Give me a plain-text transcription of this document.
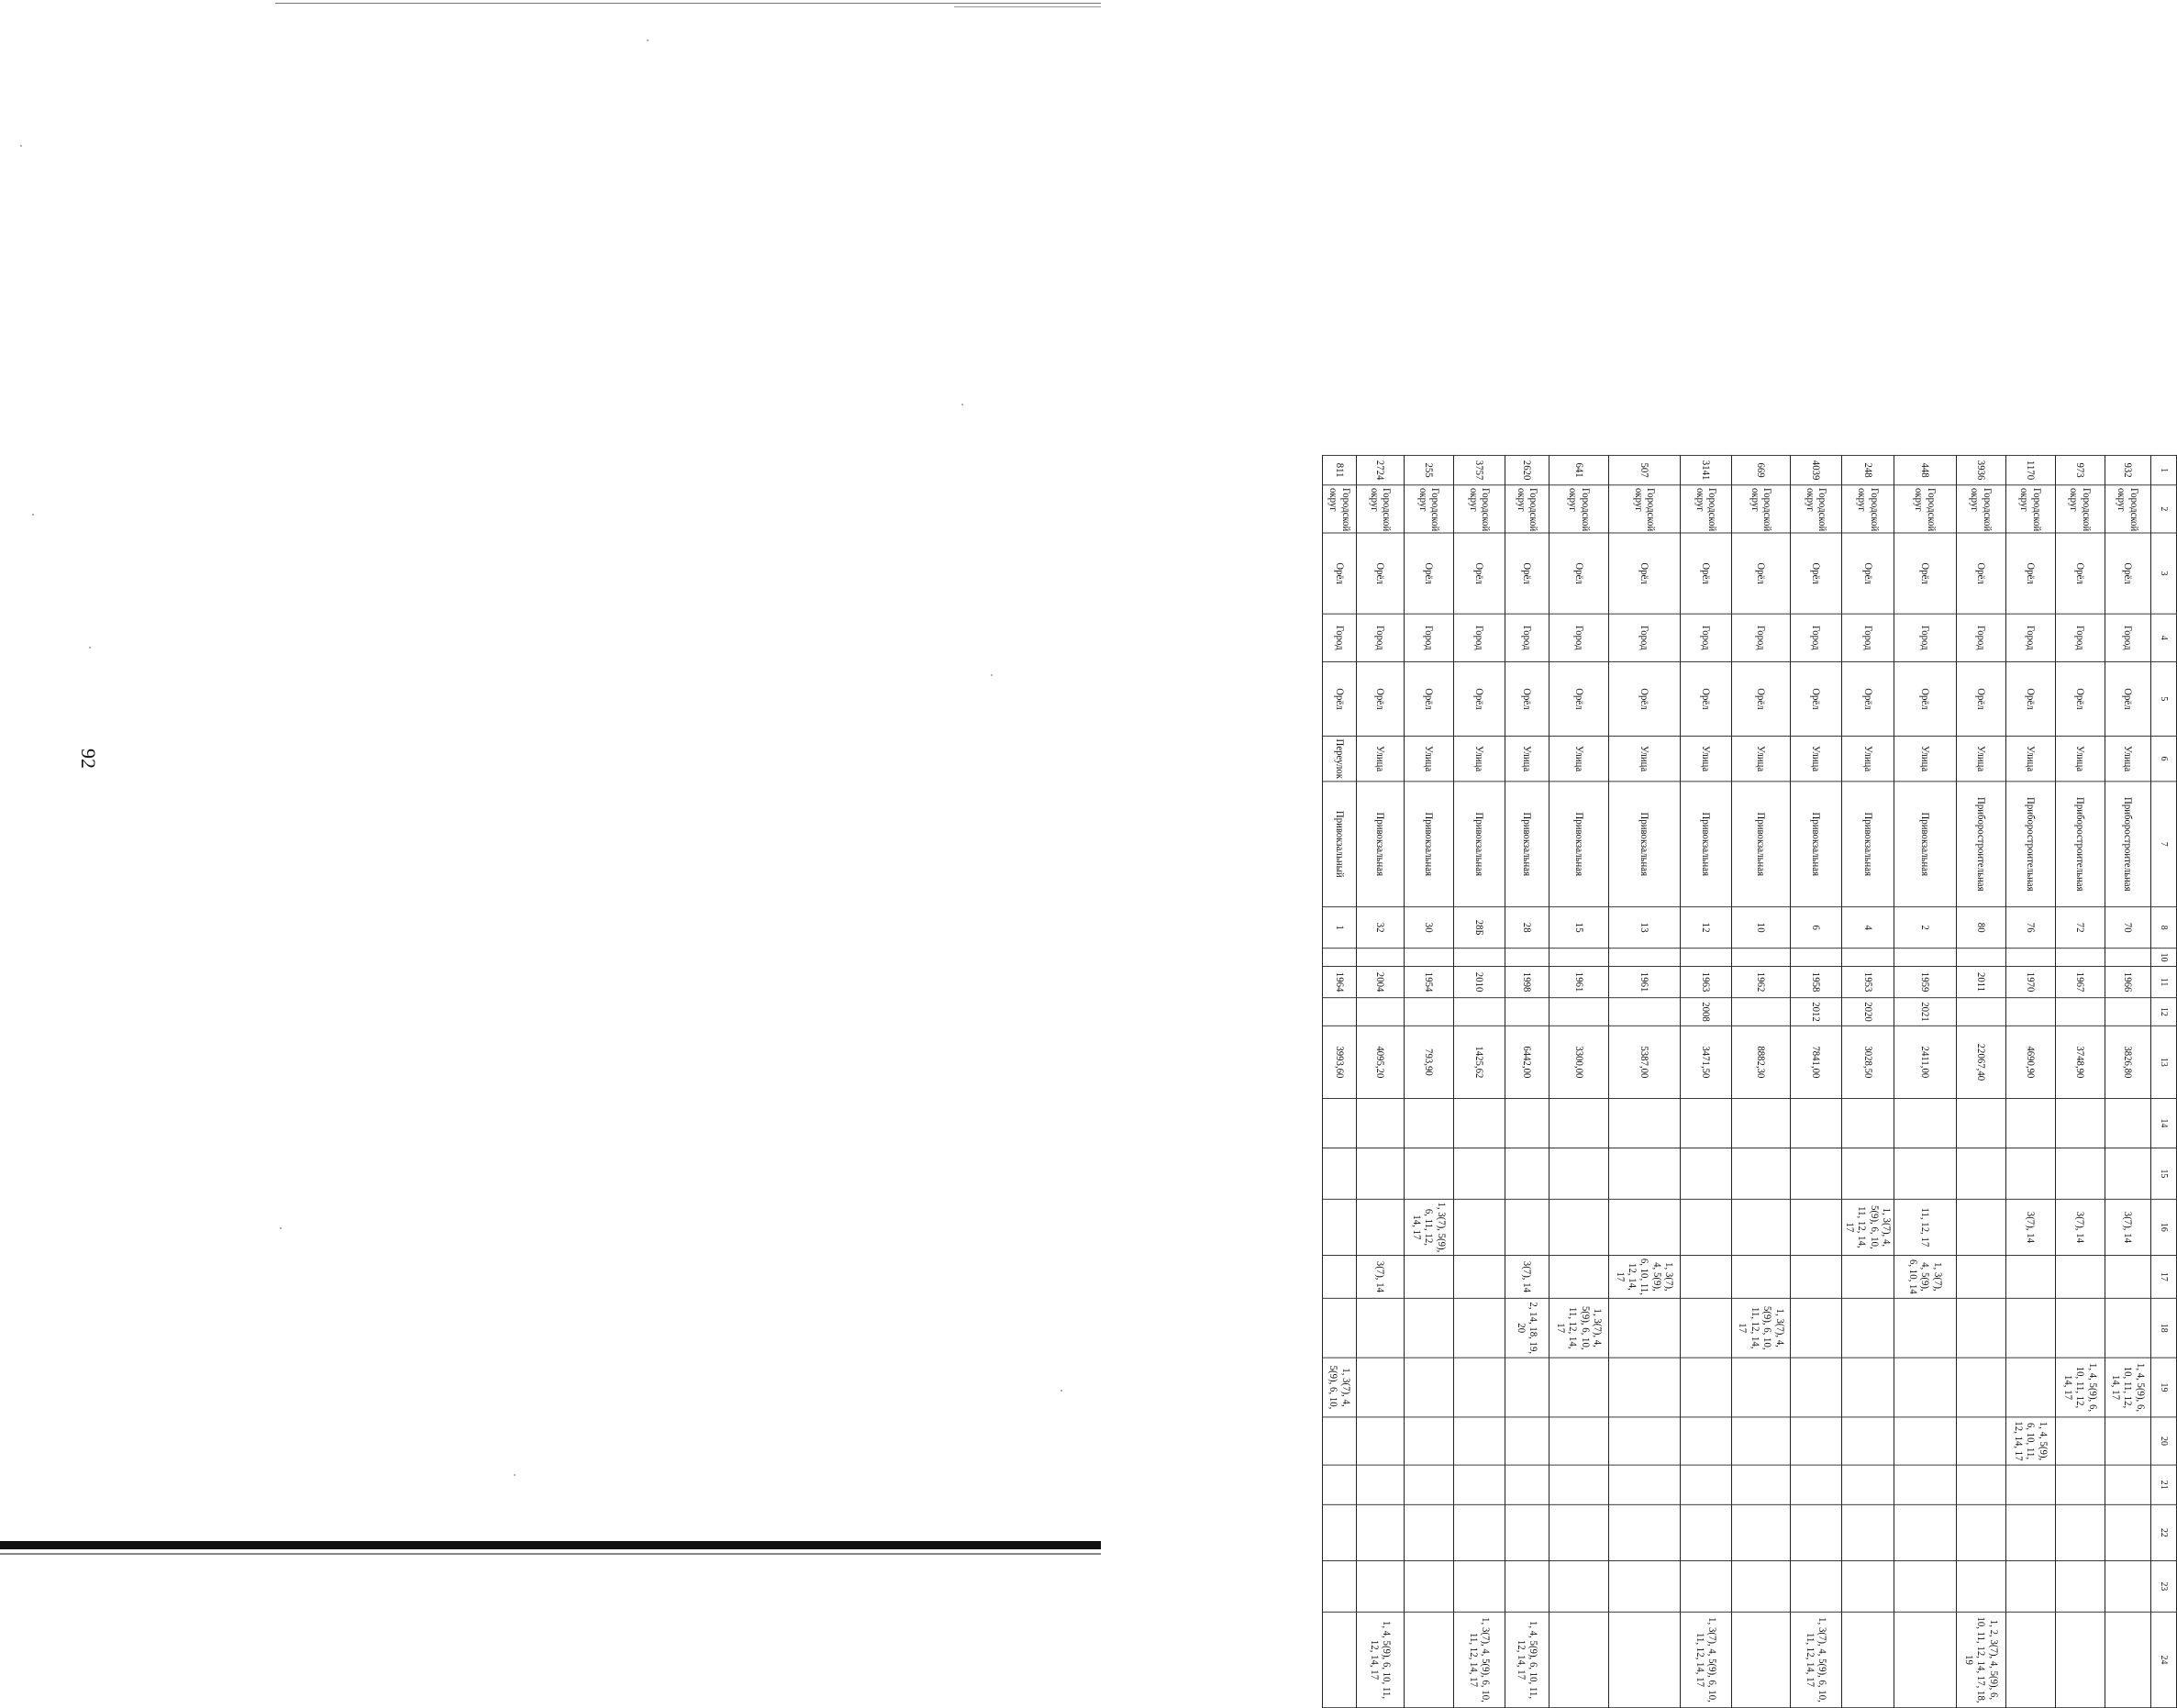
92
1	2	3	4	5	6	7	8	10	11	12	13	14	15	16	17	18	19	20	21	22	23	24
932	Городской округ	Орёл	Город	Орёл	Улица	Приборостроительная	70		1966		3826,80			3(7), 14			1, 4, 5(9), 6, 10, 11, 12, 14, 17					
973	Городской округ	Орёл	Город	Орёл	Улица	Приборостроительная	72		1967		3748,90			3(7), 14			1, 4, 5(9), 6, 10, 11, 12, 14, 17					
1170	Городской округ	Орёл	Город	Орёл	Улица	Приборостроительная	76		1970		4690,90			3(7), 14				1, 4, 5(9), 6, 10, 11, 12, 14, 17				
3936	Городской округ	Орёл	Город	Орёл	Улица	Приборостроительная	80		2011		22067,40											1, 2, 3(7), 4, 5(9), 6, 10, 11, 12, 14, 17, 18, 19
448	Городской округ	Орёл	Город	Орёл	Улица	Привокзальная	2		1959	2021	2411,00			11, 12, 17	1, 3(7), 4, 5(9), 6, 10, 14							
248	Городской округ	Орёл	Город	Орёл	Улица	Привокзальная	4		1953	2020	3028,50			1, 3(7), 4, 5(9), 6, 10, 11, 12, 14, 17								
4039	Городской округ	Орёл	Город	Орёл	Улица	Привокзальная	6		1958	2012	7841,00											1, 3(7), 4, 5(9), 6, 10, 11, 12, 14, 17
669	Городской округ	Орёл	Город	Орёл	Улица	Привокзальная	10		1962		8882,30					1, 3(7), 4, 5(9), 6, 10, 11, 12, 14, 17						
3141	Городской округ	Орёл	Город	Орёл	Улица	Привокзальная	12		1963	2008	3471,50											1, 3(7), 4, 5(9), 6, 10, 11, 12, 14, 17
507	Городской округ	Орёл	Город	Орёл	Улица	Привокзальная	13		1961		5387,00				1, 3(7), 4, 5(9), 6, 10, 11, 12, 14, 17							
641	Городской округ	Орёл	Город	Орёл	Улица	Привокзальная	15		1961		3300,00					1, 3(7), 4, 5(9), 6, 10, 11, 12, 14, 17						
2620	Городской округ	Орёл	Город	Орёл	Улица	Привокзальная	28		1998		6442,00				3(7), 14	2, 14, 18, 19, 20						1, 4, 5(9), 6, 10, 11, 12, 14, 17
3757	Городской округ	Орёл	Город	Орёл	Улица	Привокзальная	28Б		2010		1425,62											1, 3(7), 4, 5(9), 6, 10, 11, 12, 14, 17
255	Городской округ	Орёл	Город	Орёл	Улица	Привокзальная	30		1954		793,90			1, 3(7), 5(9), 6, 11, 12, 14, 17								
2724	Городской округ	Орёл	Город	Орёл	Улица	Привокзальная	32		2004		4095,20				3(7), 14							1, 4, 5(9), 6, 10, 11, 12, 14, 17
811	Городской округ	Орёл	Город	Орёл	Переулок	Привокзальный	1		1964		3993,60						1, 3(7), 4, 5(9), 6, 10,					
